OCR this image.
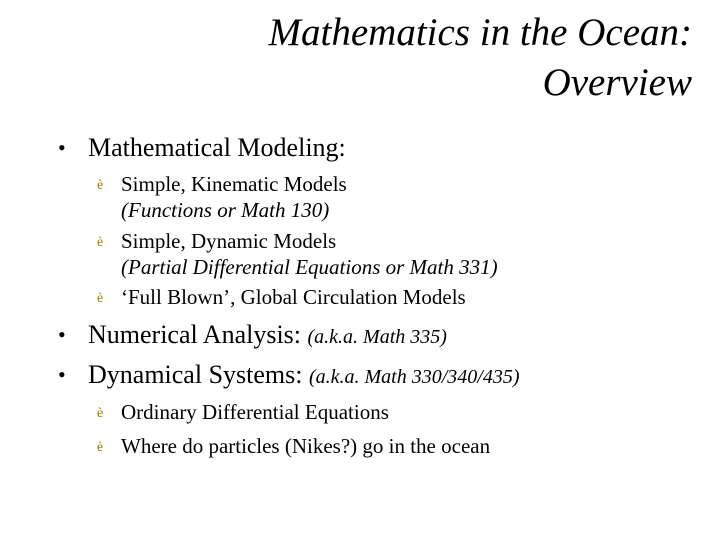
Mathematics in the Ocean:
Overview
• Mathematical Modeling:
è Simple, Kinematic Models
(Functions or Math 130)
è Simple, Dynamic Models
(Partial Differential Equations or Math 331)
è ‘Full Blown’, Global Circulation Models
• Numerical Analysis: (a.k.a. Math 335)
• Dynamical Systems: (a.k.a. Math 330/340/435)
è Ordinary Differential Equations
è Where do particles (Nikes?) go in the ocean
